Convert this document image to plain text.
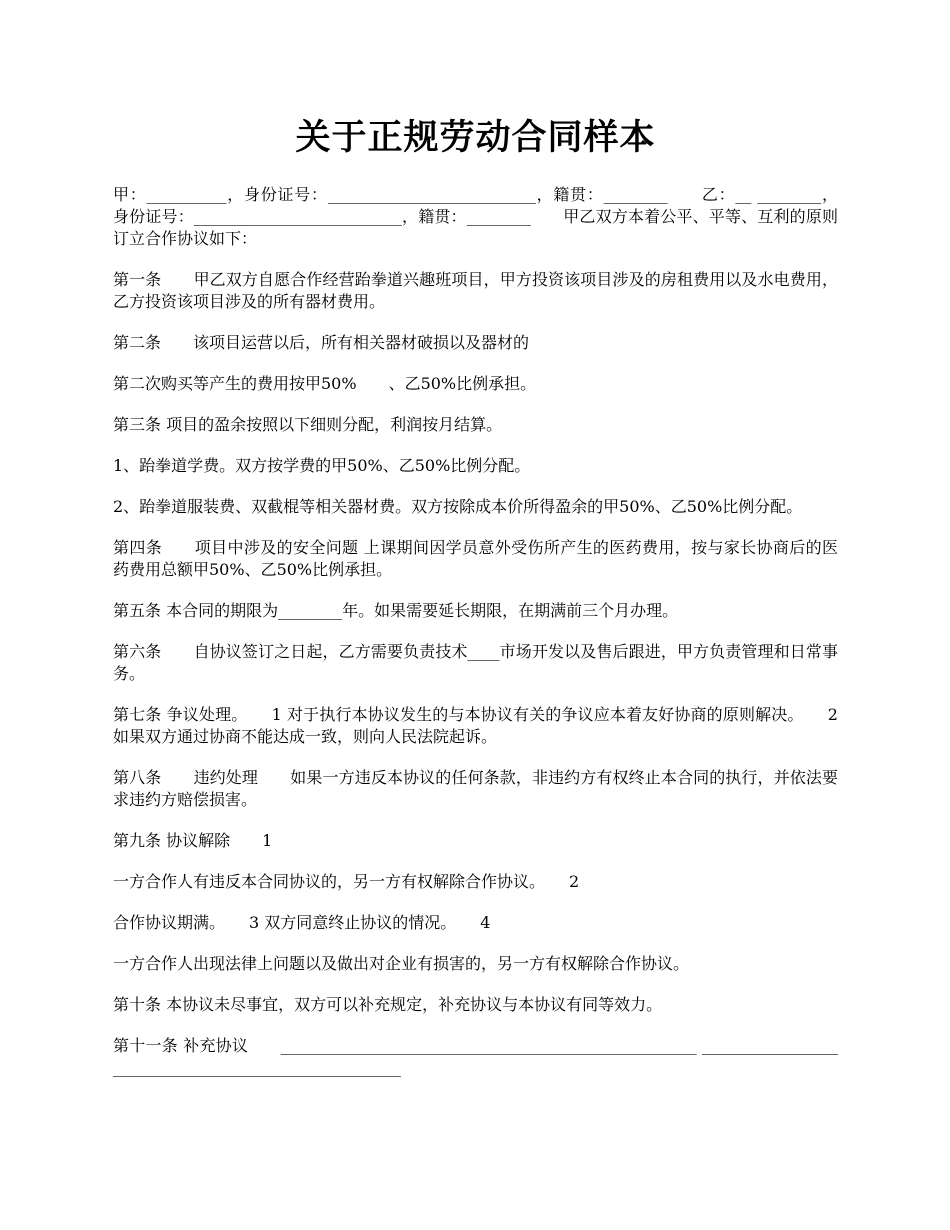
关于正规劳动合同样本

甲：__________，身份证号：__________________________，籍贯：________　　乙：__ ________，身份证号：__________________________，籍贯：________　　甲乙双方本着公平、平等、互利的原则订立合作协议如下：

第一条　　甲乙双方自愿合作经营跆拳道兴趣班项目，甲方投资该项目涉及的房租费用以及水电费用，乙方投资该项目涉及的所有器材费用。

第二条　　该项目运营以后，所有相关器材破损以及器材的

第二次购买等产生的费用按甲50%　　、乙50%比例承担。

第三条 项目的盈余按照以下细则分配，利润按月结算。

1、跆拳道学费。双方按学费的甲50%、乙50%比例分配。

2、跆拳道服装费、双截棍等相关器材费。双方按除成本价所得盈余的甲50%、乙50%比例分配。

第四条　　项目中涉及的安全问题 上课期间因学员意外受伤所产生的医药费用，按与家长协商后的医药费用总额甲50%、乙50%比例承担。

第五条 本合同的期限为________年。如果需要延长期限，在期满前三个月办理。

第六条　　自协议签订之日起，乙方需要负责技术____市场开发以及售后跟进，甲方负责管理和日常事务。

第七条 争议处理。　　1 对于执行本协议发生的与本协议有关的争议应本着友好协商的原则解决。　　2 如果双方通过协商不能达成一致，则向人民法院起诉。

第八条　　违约处理　　如果一方违反本协议的任何条款，非违约方有权终止本合同的执行，并依法要求违约方赔偿损害。

第九条 协议解除　　1

一方合作人有违反本合同协议的，另一方有权解除合作协议。　　2

合作协议期满。　　3 双方同意终止协议的情况。　　4

一方合作人出现法律上问题以及做出对企业有损害的，另一方有权解除合作协议。

第十条 本协议未尽事宜，双方可以补充规定，补充协议与本协议有同等效力。

第十一条 补充协议　　____________________________________________________ _____________________________________________________
